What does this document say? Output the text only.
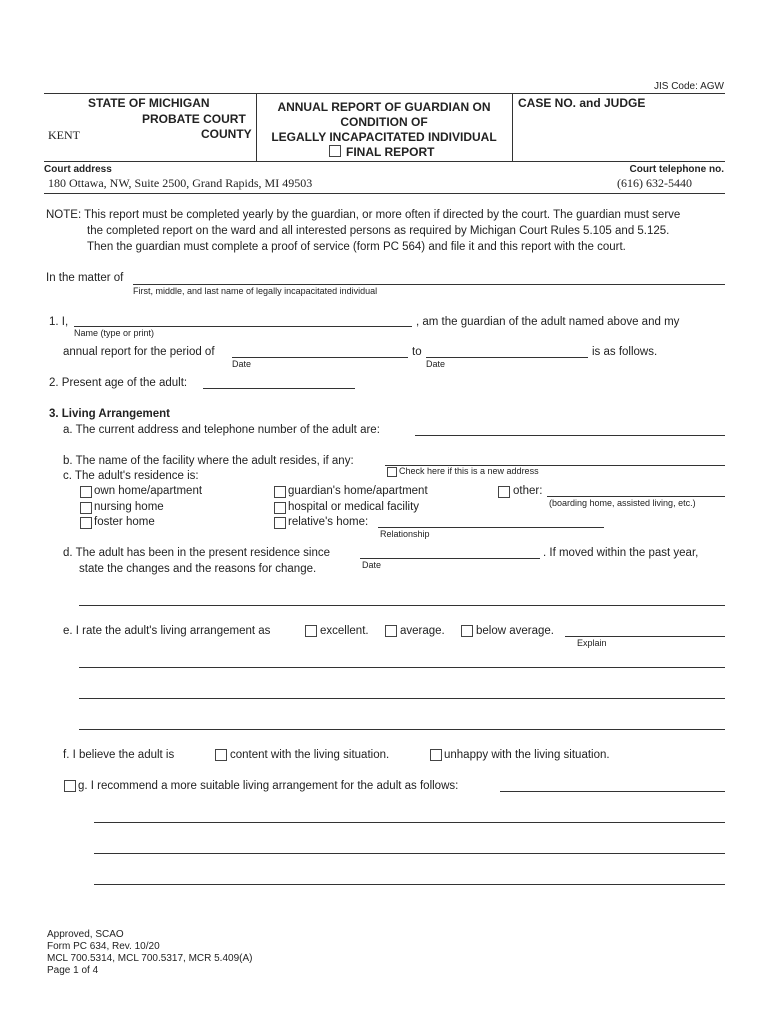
JIS Code: AGW
STATE OF MICHIGAN
PROBATE COURT
KENT	COUNTY
ANNUAL REPORT OF GUARDIAN ON
CONDITION OF
LEGALLY INCAPACITATED INDIVIDUAL
FINAL REPORT
CASE NO. and JUDGE
Court address
180 Ottawa, NW, Suite 2500, Grand Rapids, MI 49503
Court telephone no.
(616) 632-5440
NOTE: This report must be completed yearly by the guardian, or more often if directed by the court. The guardian must serve
the completed report on the ward and all interested persons as required by Michigan Court Rules 5.105 and 5.125.
Then the guardian must complete a proof of service (form PC 564) and file it and this report with the court.
In the matter of
First, middle, and last name of legally incapacitated individual
1. I,	, am the guardian of the adult named above and my
Name (type or print)
annual report for the period of
Date
to
Date
is as follows.
2. Present age of the adult:
3. Living Arrangement
a. The current address and telephone number of the adult are:
b. The name of the facility where the adult resides, if any:
Check here if this is a new address
c. The adult's residence is:
own home/apartment
nursing home
foster home
guardian's home/apartment
hospital or medical facility
relative's home:
Relationship
other:
(boarding home, assisted living, etc.)
d. The adult has been in the present residence since
Date
. If moved within the past year,
state the changes and the reasons for change.
e. I rate the adult's living arrangement as	excellent.	average.	below average.
Explain
f. I believe the adult is	content with the living situation.	unhappy with the living situation.
g. I recommend a more suitable living arrangement for the adult as follows:
Approved, SCAO
Form PC 634, Rev. 10/20
MCL 700.5314, MCL 700.5317, MCR 5.409(A)
Page 1 of 4
